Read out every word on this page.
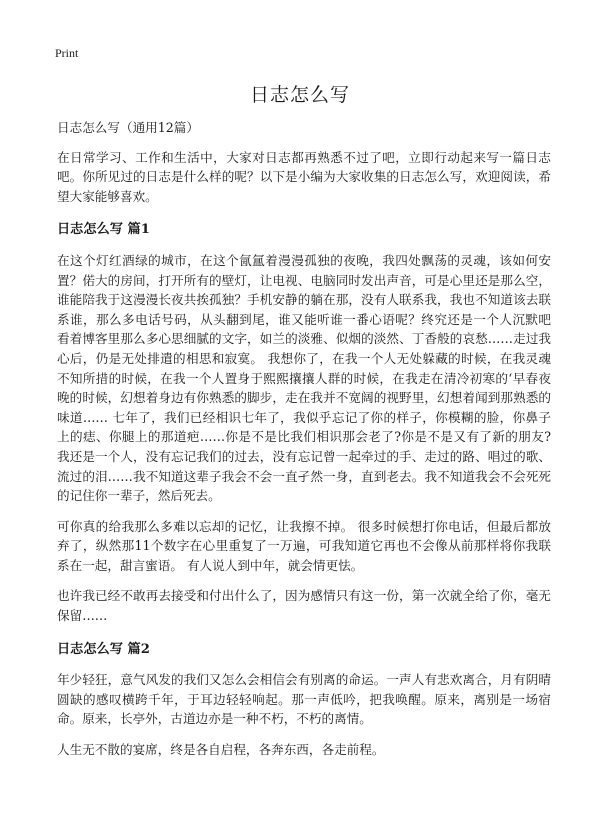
Print
日志怎么写

日志怎么写（通用12篇）

在日常学习、工作和生活中，大家对日志都再熟悉不过了吧，立即行动起来写一篇日志吧。你所见过的日志是什么样的呢？以下是小编为大家收集的日志怎么写，欢迎阅读，希望大家能够喜欢。

日志怎么写 篇1

在这个灯红酒绿的城市，在这个氤氲着漫漫孤独的夜晚，我四处飘荡的灵魂，该如何安置？偌大的房间，打开所有的壁灯，让电视、电脑同时发出声音，可是心里还是那么空，谁能陪我于这漫漫长夜共挨孤独？手机安静的躺在那，没有人联系我，我也不知道该去联系谁，那么多电话号码，从头翻到尾，谁又能听谁一番心语呢？终究还是一个人沉默吧 看着博客里那么多心思细腻的文字，如兰的淡雅、似烟的淡然、丁香般的哀愁……走过我心后，仍是无处排遣的相思和寂寞。 我想你了，在我一个人无处躲藏的时候，在我灵魂不知所措的时候，在我一个人置身于熙熙攘攘人群的时候，在我走在清冷初寒的‘早春夜晚的时候，幻想着身边有你熟悉的脚步，走在我并不宽阔的视野里，幻想着闻到那熟悉的味道…… 七年了，我们已经相识七年了，我似乎忘记了你的样子，你模糊的脸，你鼻子上的痣、你腿上的那道疤……你是不是比我们相识那会老了?你是不是又有了新的朋友? 我还是一个人，没有忘记我们的过去，没有忘记曾一起牵过的手、走过的路、唱过的歌、流过的泪……我不知道这辈子我会不会一直孑然一身，直到老去。我不知道我会不会死死的记住你一辈子，然后死去。

可你真的给我那么多难以忘却的记忆，让我擦不掉。 很多时候想打你电话，但最后都放弃了，纵然那11个数字在心里重复了一万遍，可我知道它再也不会像从前那样将你我联系在一起，甜言蜜语。 有人说人到中年，就会情更怯。

也许我已经不敢再去接受和付出什么了，因为感情只有这一份，第一次就全给了你，毫无保留……

日志怎么写 篇2

年少轻狂，意气风发的我们又怎么会相信会有别离的命运。一声人有悲欢离合，月有阴晴圆缺的感叹横跨千年，于耳边轻轻响起。那一声低吟，把我唤醒。原来，离别是一场宿命。原来，长亭外，古道边亦是一种不朽，不朽的离情。

人生无不散的宴席，终是各自启程，各奔东西，各走前程。
